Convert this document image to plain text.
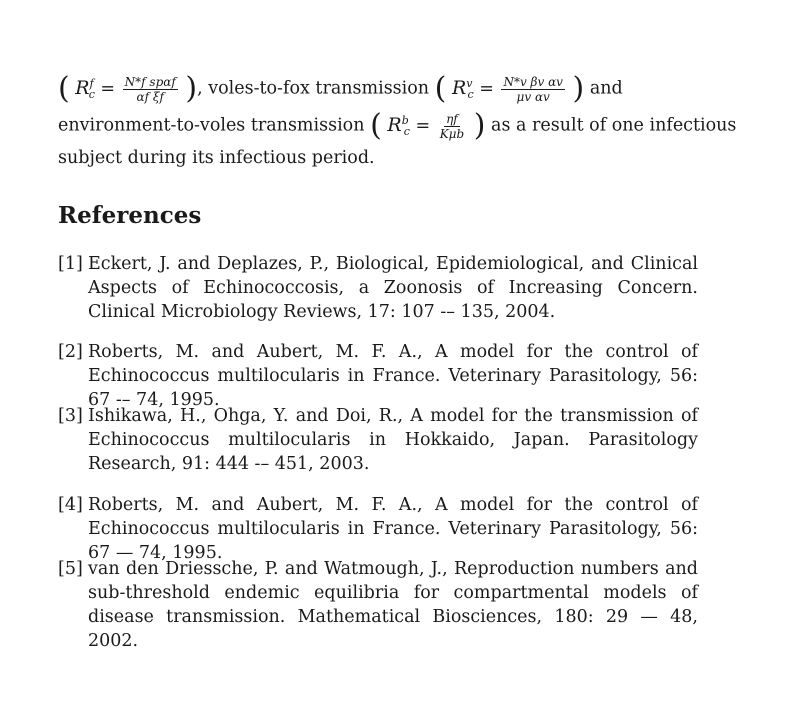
( $R^f_c = \frac{\text{N*f spαf}}{\text{αf ξf}}$ ), voles-to-fox transmission ( $R^v_c = \frac{\text{N*v βv αv}}{\text{μv αv}}$ ) and
environment-to-voles transmission ( $R^b_c = \frac{\eta f}{\text{Kμb}}$ ) as a result of one infectious
subject during its infectious period.
References
[1] Eckert, J. and Deplazes, P., Biological, Epidemiological, and Clinical Aspects of Echinococcosis, a Zoonosis of Increasing Concern. Clinical Microbiology Reviews, 17: 107 -– 135, 2004.
[2] Roberts, M. and Aubert, M. F. A., A model for the control of Echinococcus multilocularis in France. Veterinary Parasitology, 56: 67 -– 74, 1995.
[3] Ishikawa, H., Ohga, Y. and Doi, R., A model for the transmission of Echinococcus multilocularis in Hokkaido, Japan. Parasitology Research, 91: 444 -– 451, 2003.
[4] Roberts, M. and Aubert, M. F. A., A model for the control of Echinococcus multilocularis in France. Veterinary Parasitology, 56: 67 — 74, 1995.
[5] van den Driessche, P. and Watmough, J., Reproduction numbers and sub-threshold endemic equilibria for compartmental models of disease transmission. Mathematical Biosciences, 180: 29 — 48, 2002.
